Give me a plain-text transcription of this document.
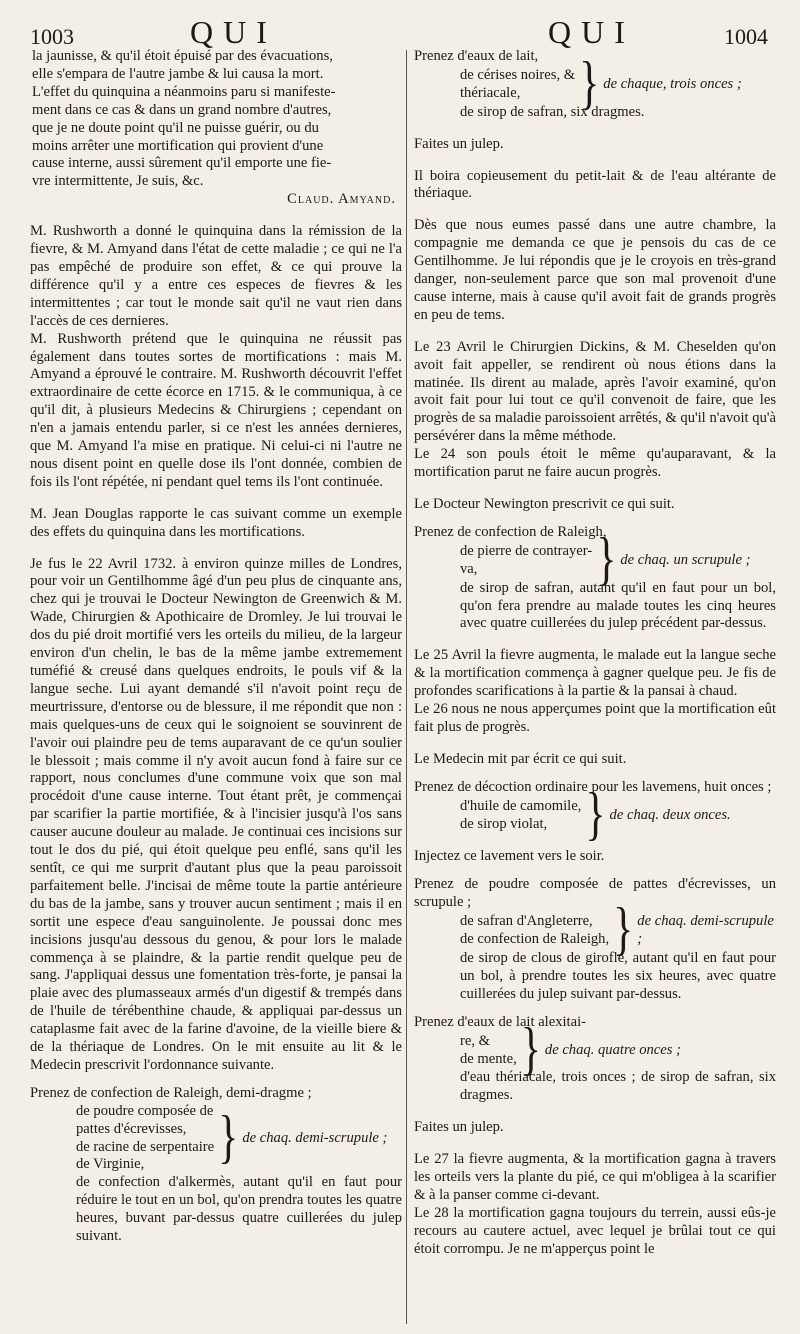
1003	QUI	QUI	1004

la jaunisse, & qu'il étoit épuisé par des évacuations,

elle s'empara de l'autre jambe & lui causa la mort.

L'effet du quinquina a néanmoins paru si manifeste-

ment dans ce cas & dans un grand nombre d'autres,

que je ne doute point qu'il ne puisse guérir, ou du

moins arrêter une mortification qui provient d'une

cause interne, aussi sûrement qu'il emporte une fie-

vre intermittente, Je suis, &c.

Claud. Amyand.

M. Rushworth a donné le quinquina dans la rémission de la fievre, & M. Amyand dans l'état de cette maladie ; ce qui ne l'a pas empêché de produire son effet, & ce qui prouve la différence qu'il y a entre ces especes de fievres & les intermittentes ; car tout le monde sait qu'il ne vaut rien dans l'accès de ces dernieres.

M. Rushworth prétend que le quinquina ne réussit pas également dans toutes sortes de mortifications : mais M. Amyand a éprouvé le contraire. M. Rushworth découvrit l'effet extraordinaire de cette écorce en 1715. & le communiqua, à ce qu'il dit, à plusieurs Medecins & Chirurgiens ; cependant on n'en a jamais entendu parler, si ce n'est les années dernieres, que M. Amyand l'a mise en pratique. Ni celui-ci ni l'autre ne nous disent point en quelle dose ils l'ont donnée, combien de fois ils l'ont répétée, ni pendant quel tems ils l'ont continuée.

M. Jean Douglas rapporte le cas suivant comme un exemple des effets du quinquina dans les mortifications.

Je fus le 22 Avril 1732. à environ quinze milles de Londres, pour voir un Gentilhomme âgé d'un peu plus de cinquante ans, chez qui je trouvai le Docteur Newington de Greenwich & M. Wade, Chirurgien & Apothicaire de Dromley. Je lui trouvai le dos du pié droit mortifié vers les orteils du milieu, de la largeur environ d'un chelin, le bas de la même jambe extremement tuméfié & creusé dans quelques endroits, le pouls vif & la langue seche. Lui ayant demandé s'il n'avoit point reçu de meurtrissure, d'entorse ou de blessure, il me répondit que non : mais quelques-uns de ceux qui le soignoient se souvinrent de l'avoir oui plaindre peu de tems auparavant de ce qu'un soulier le blessoit ; mais comme il n'y avoit aucun fond à faire sur ce rapport, nous conclumes d'une commune voix que son mal procédoit d'une cause interne. Tout étant prêt, je commençai par scarifier la partie mortifiée, & à l'incisier jusqu'à l'os sans causer aucune douleur au malade. Je continuai ces incisions sur tout le dos du pié, qui étoit quelque peu enflé, sans qu'il les sentît, ce qui me surprit d'autant plus que la peau paroissoit parfaitement belle. J'incisai de même toute la partie antérieure du bas de la jambe, sans y trouver aucun sentiment ; mais il en sortit une espece d'eau sanguinolente. Je poussai donc mes incisions jusqu'au dessous du genou, & pour lors le malade commença à se plaindre, & la partie rendit quelque peu de sang. J'appliquai dessus une fomentation très-forte, je pansai la plaie avec des plumasseaux armés d'un digestif & trempés dans de l'huile de térébenthine chaude, & appliquai par-dessus un cataplasme fait avec de la farine d'avoine, de la vieille biere & de la thériaque de Londres. On le mit ensuite au lit & le Medecin prescrivit l'ordonnance suivante.

Prenez de confection de Raleigh, demi-dragme ;

de poudre composée de

pattes d'écrevisses,

de racine de serpentaire

de Virginie,	} de chaq. demi-scrupule ;

de confection d'alkermès, autant qu'il en faut pour réduire le tout en un bol, qu'on prendra toutes les quatre heures, buvant par-dessus quatre cuillerées du julep suivant.

Prenez d'eaux de lait,

de cérises noires, &

thériacale,	} de chaque, trois onces ;

de sirop de safran, six dragmes.

Faites un julep.

Il boira copieusement du petit-lait & de l'eau altérante de thériaque.

Dès que nous eumes passé dans une autre chambre, la compagnie me demanda ce que je pensois du cas de ce Gentilhomme. Je lui répondis que je le croyois en très-grand danger, non-seulement parce que son mal provenoit d'une cause interne, mais à cause qu'il avoit fait de grands progrès en peu de tems.

Le 23 Avril le Chirurgien Dickins, & M. Cheselden qu'on avoit fait appeller, se rendirent où nous étions dans la matinée. Ils dirent au malade, après l'avoir examiné, qu'on avoit fait pour lui tout ce qu'il convenoit de faire, que les progrès de sa maladie paroissoient arrêtés, & qu'il n'avoit qu'à persévérer dans la même méthode.

Le 24 son pouls étoit le même qu'auparavant, & la mortification parut ne faire aucun progrès.

Le Docteur Newington prescrivit ce qui suit.

Prenez de confection de Raleigh,

de pierre de contrayer-

va,	} de chaq. un scrupule ;

de sirop de safran, autant qu'il en faut pour un bol, qu'on fera prendre au malade toutes les cinq heures avec quatre cuillerées du julep précédent par-dessus.

Le 25 Avril la fievre augmenta, le malade eut la langue seche & la mortification commença à gagner quelque peu. Je fis de profondes scarifications à la partie & la pansai à chaud.

Le 26 nous ne nous apperçumes point que la mortification eût fait plus de progrès.

Le Medecin mit par écrit ce qui suit.

Prenez de décoction ordinaire pour les lavemens, huit onces ;

d'huile de camomile,

de sirop violat, } de chaq. deux onces.

Injectez ce lavement vers le soir.

Prenez de poudre composée de pattes d'écrevisses, un scrupule ;

de safran d'Angleterre,

de confection de Raleigh, } de chaq. demi-scrupule ;

de sirop de clous de girofle, autant qu'il en faut pour un bol, à prendre toutes les six heures, avec quatre cuillerées du julep suivant par-dessus.

Prenez d'eaux de lait alexitai-

re, &

de mente, } de chaq. quatre onces ;

d'eau thériacale, trois onces ; de sirop de safran, six dragmes.

Faites un julep.

Le 27 la fievre augmenta, & la mortification gagna à travers les orteils vers la plante du pié, ce qui m'obligea à la scarifier & à la panser comme ci-devant.

Le 28 la mortification gagna toujours du terrein, aussi eûs-je recours au cautere actuel, avec lequel je brûlai tout ce qui étoit corrompu. Je ne m'apperçus point le
